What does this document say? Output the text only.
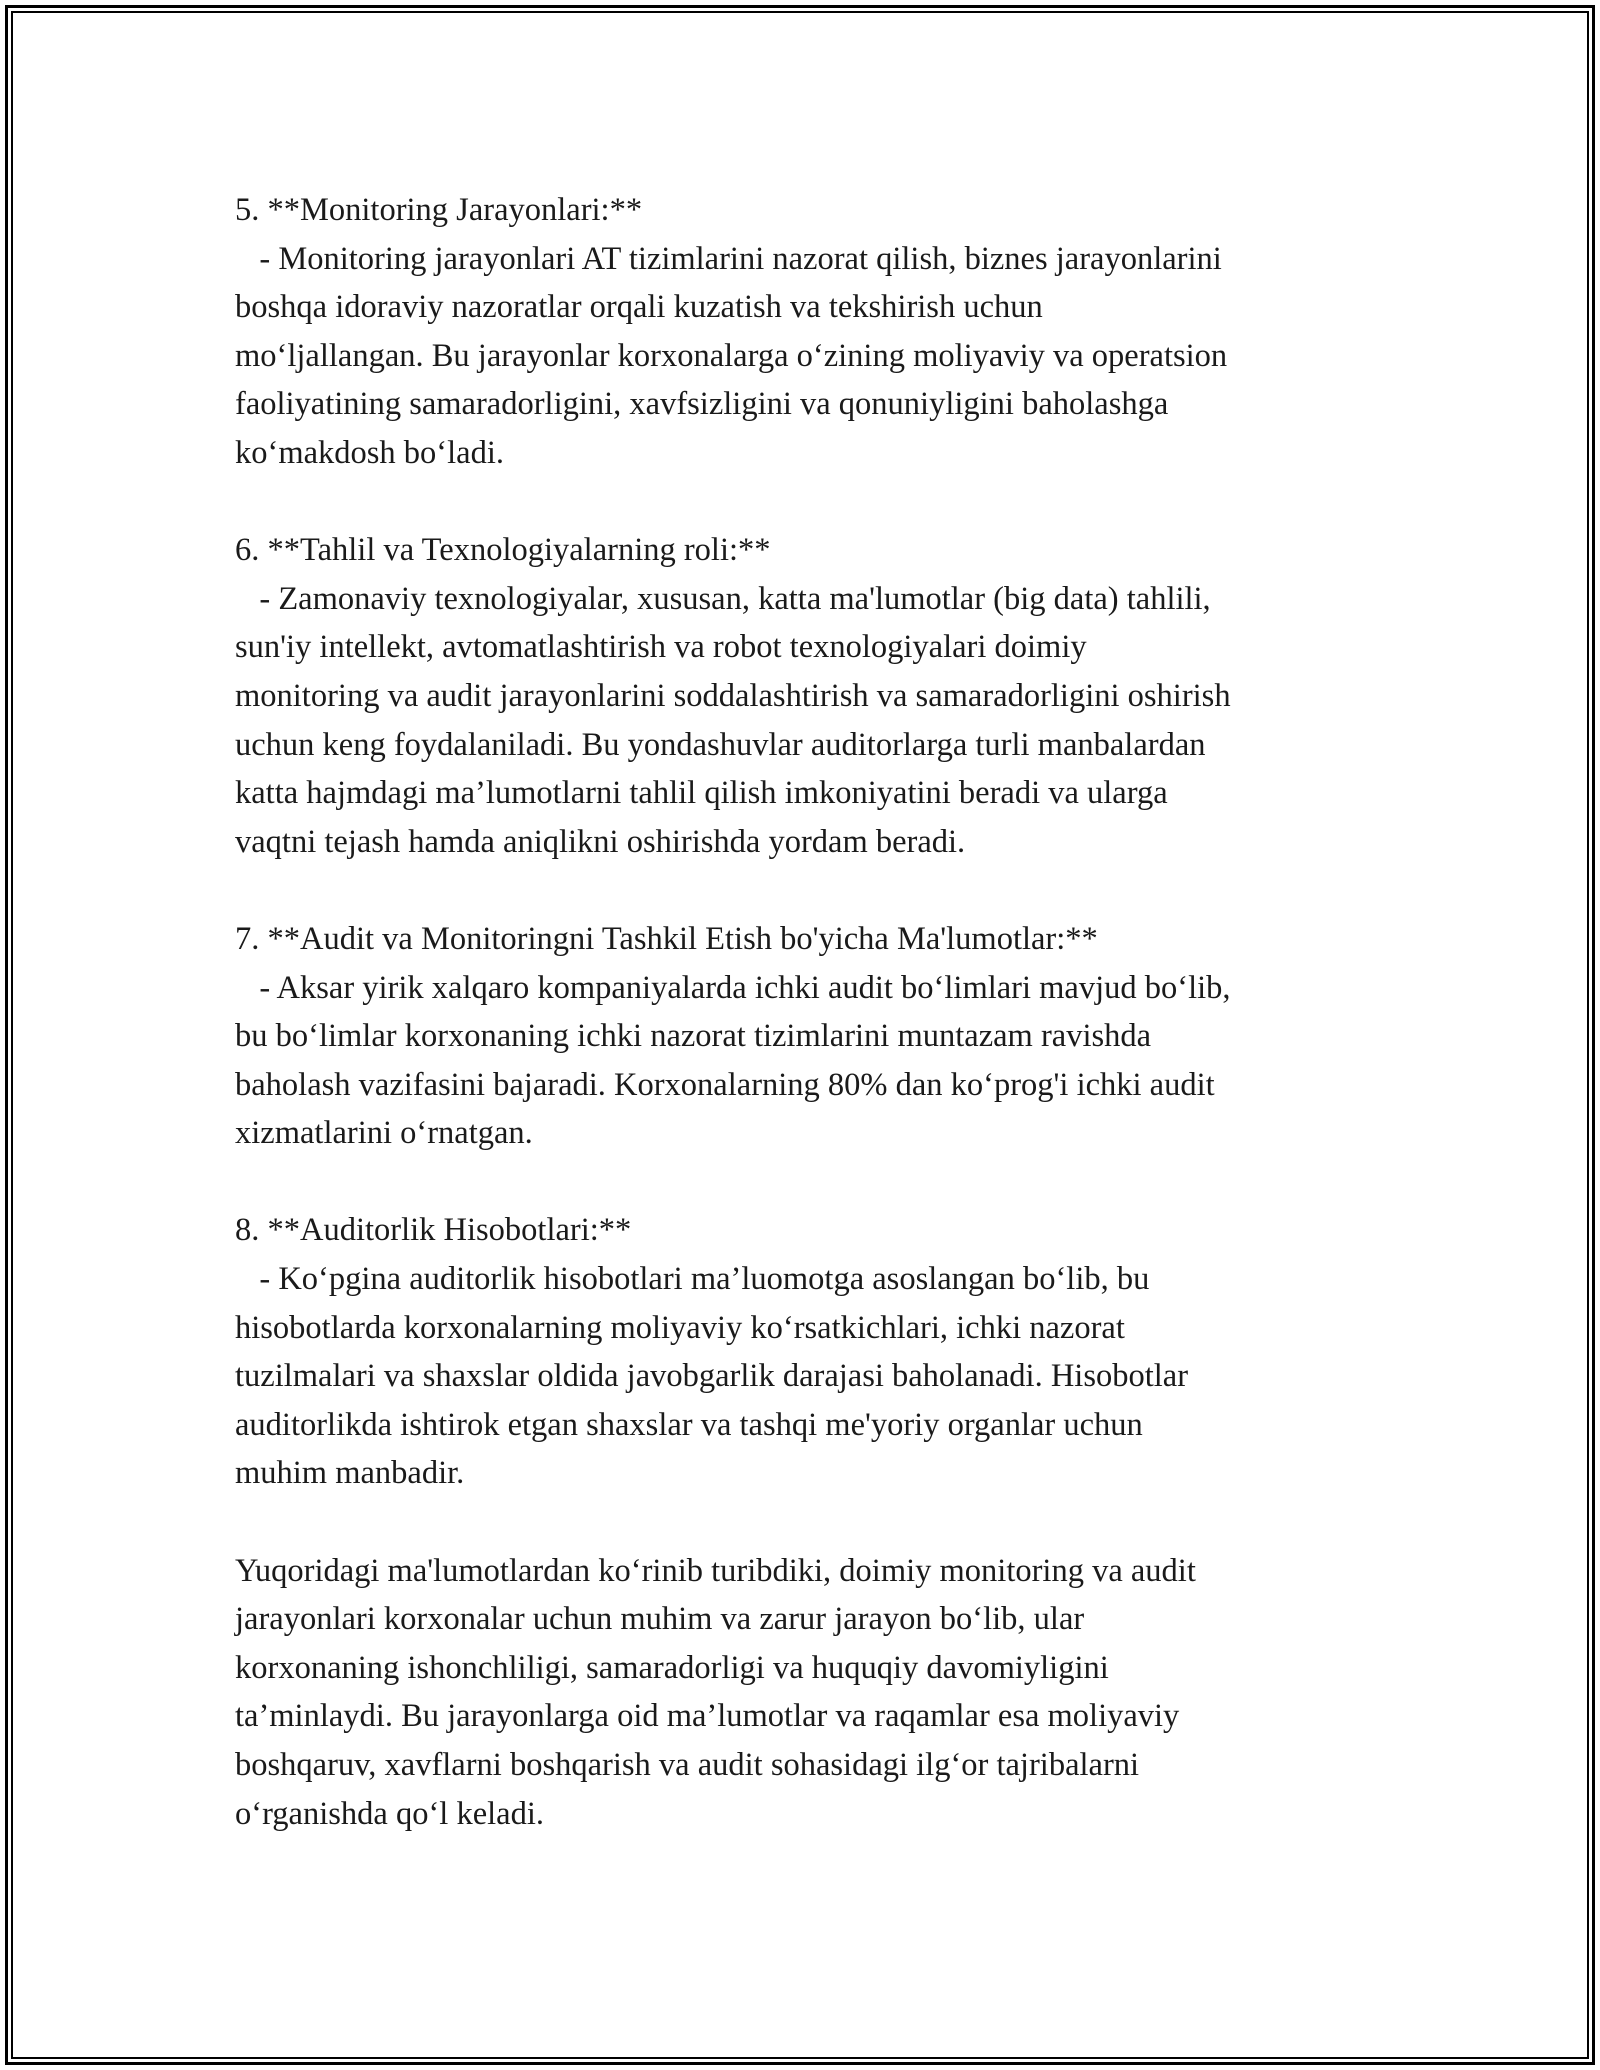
5. **Monitoring Jarayonlari:**
- Monitoring jarayonlari AT tizimlarini nazorat qilish, biznes jarayonlarini
boshqa idoraviy nazoratlar orqali kuzatish va tekshirish uchun
mo‘ljallangan. Bu jarayonlar korxonalarga o‘zining moliyaviy va operatsion
faoliyatining samaradorligini, xavfsizligini va qonuniyligini baholashga
ko‘makdosh bo‘ladi.
6. **Tahlil va Texnologiyalarning roli:**
- Zamonaviy texnologiyalar, xususan, katta ma'lumotlar (big data) tahlili,
sun'iy intellekt, avtomatlashtirish va robot texnologiyalari doimiy
monitoring va audit jarayonlarini soddalashtirish va samaradorligini oshirish
uchun keng foydalaniladi. Bu yondashuvlar auditorlarga turli manbalardan
katta hajmdagi ma’lumotlarni tahlil qilish imkoniyatini beradi va ularga
vaqtni tejash hamda aniqlikni oshirishda yordam beradi.
7. **Audit va Monitoringni Tashkil Etish bo'yicha Ma'lumotlar:**
- Aksar yirik xalqaro kompaniyalarda ichki audit bo‘limlari mavjud bo‘lib,
bu bo‘limlar korxonaning ichki nazorat tizimlarini muntazam ravishda
baholash vazifasini bajaradi. Korxonalarning 80% dan ko‘prog'i ichki audit
xizmatlarini o‘rnatgan.
8. **Auditorlik Hisobotlari:**
- Ko‘pgina auditorlik hisobotlari ma’luomotga asoslangan bo‘lib, bu
hisobotlarda korxonalarning moliyaviy ko‘rsatkichlari, ichki nazorat
tuzilmalari va shaxslar oldida javobgarlik darajasi baholanadi. Hisobotlar
auditorlikda ishtirok etgan shaxslar va tashqi me'yoriy organlar uchun
muhim manbadir.
Yuqoridagi ma'lumotlardan ko‘rinib turibdiki, doimiy monitoring va audit
jarayonlari korxonalar uchun muhim va zarur jarayon bo‘lib, ular
korxonaning ishonchliligi, samaradorligi va huquqiy davomiyligini
ta’minlaydi. Bu jarayonlarga oid ma’lumotlar va raqamlar esa moliyaviy
boshqaruv, xavflarni boshqarish va audit sohasidagi ilg‘or tajribalarni
o‘rganishda qo‘l keladi.
